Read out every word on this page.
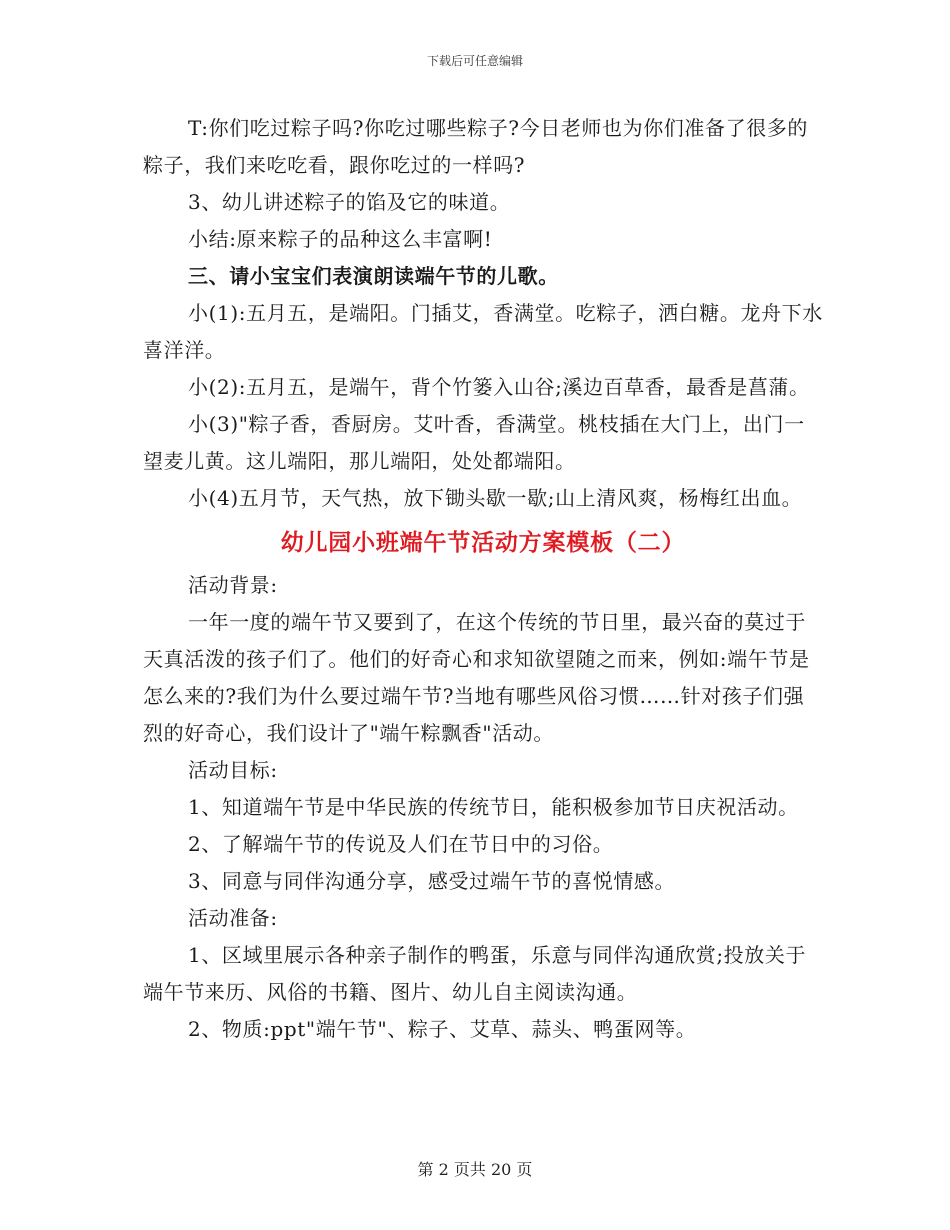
下载后可任意编辑

T:你们吃过粽子吗?你吃过哪些粽子?今日老师也为你们准备了很多的粽子，我们来吃吃看，跟你吃过的一样吗?

3、幼儿讲述粽子的馅及它的味道。

小结:原来粽子的品种这么丰富啊!

三、请小宝宝们表演朗读端午节的儿歌。

小(1):五月五，是端阳。门插艾，香满堂。吃粽子，洒白糖。龙舟下水喜洋洋。

小(2):五月五，是端午，背个竹篓入山谷;溪边百草香，最香是菖蒲。

小(3)"粽子香，香厨房。艾叶香，香满堂。桃枝插在大门上，出门一望麦儿黄。这儿端阳，那儿端阳，处处都端阳。

小(4)五月节，天气热，放下锄头歇一歇;山上清风爽，杨梅红出血。

幼儿园小班端午节活动方案模板（二）

活动背景:

一年一度的端午节又要到了，在这个传统的节日里，最兴奋的莫过于天真活泼的孩子们了。他们的好奇心和求知欲望随之而来，例如:端午节是怎么来的?我们为什么要过端午节?当地有哪些风俗习惯……针对孩子们强烈的好奇心，我们设计了"端午粽飘香"活动。

活动目标:

1、知道端午节是中华民族的传统节日，能积极参加节日庆祝活动。

2、了解端午节的传说及人们在节日中的习俗。

3、同意与同伴沟通分享，感受过端午节的喜悦情感。

活动准备:

1、区域里展示各种亲子制作的鸭蛋，乐意与同伴沟通欣赏;投放关于端午节来历、风俗的书籍、图片、幼儿自主阅读沟通。

2、物质:ppt"端午节"、粽子、艾草、蒜头、鸭蛋网等。

第 2 页共 20 页
